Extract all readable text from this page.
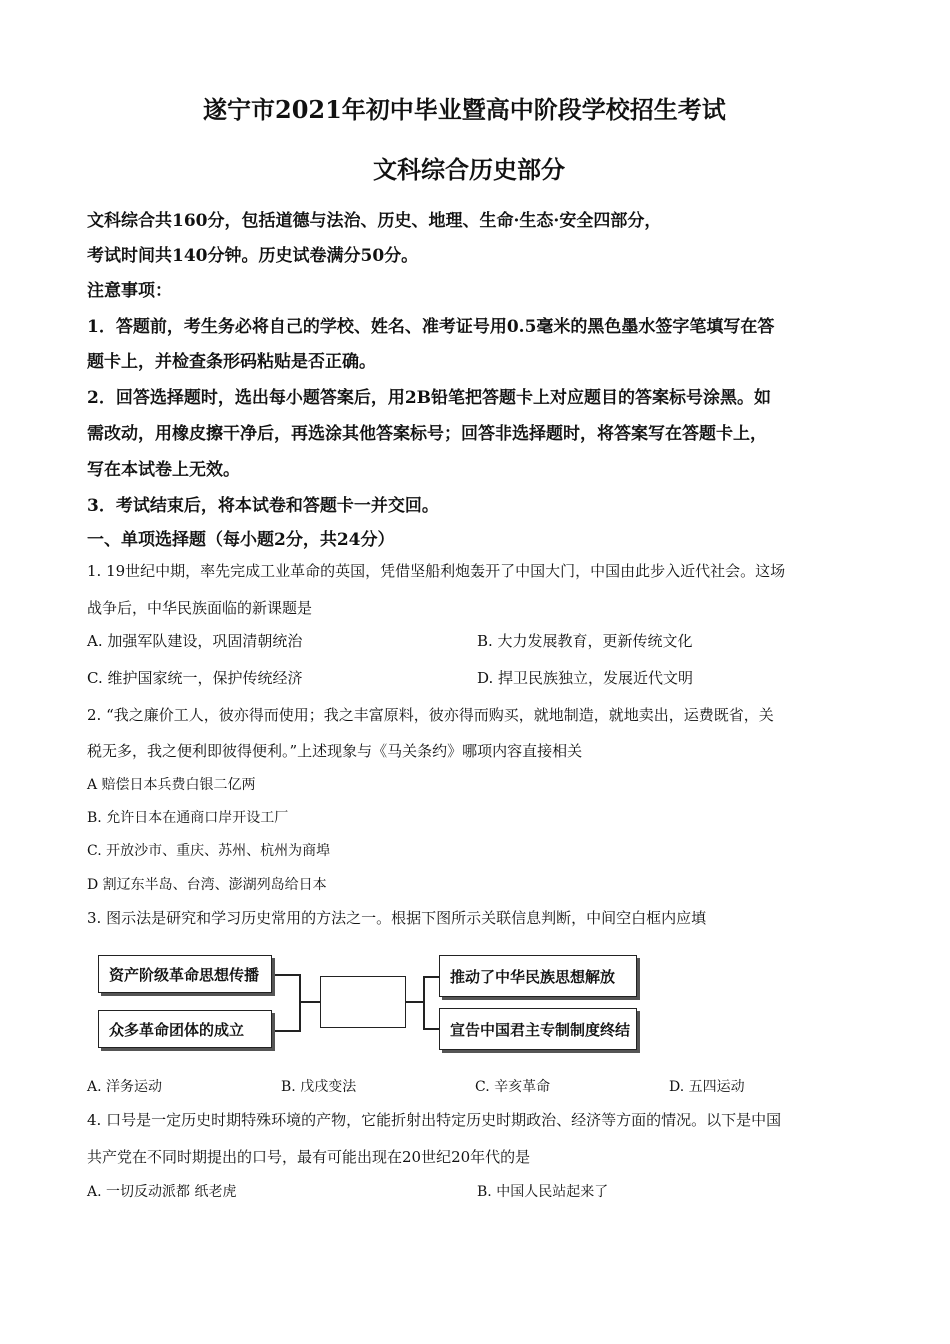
遂宁市2021年初中毕业暨高中阶段学校招生考试
文科综合历史部分
文科综合共160分，包括道德与法治、历史、地理、生命·生态·安全四部分，
考试时间共140分钟。历史试卷满分50分。
注意事项：
1．答题前，考生务必将自己的学校、姓名、准考证号用0.5毫米的黑色墨水签字笔填写在答
题卡上，并检查条形码粘贴是否正确。
2．回答选择题时，选出每小题答案后，用2B铅笔把答题卡上对应题目的答案标号涂黑。如
需改动，用橡皮擦干净后，再选涂其他答案标号；回答非选择题时，将答案写在答题卡上，
写在本试卷上无效。
3．考试结束后，将本试卷和答题卡一并交回。
一、单项选择题（每小题2分，共24分）
1. 19世纪中期，率先完成工业革命的英国，凭借坚船利炮轰开了中国大门，中国由此步入近代社会。这场
战争后，中华民族面临的新课题是
A. 加强军队建设，巩固清朝统治	B. 大力发展教育，更新传统文化
C. 维护国家统一，保护传统经济	D. 捍卫民族独立，发展近代文明
2. “我之廉价工人，彼亦得而使用；我之丰富原料，彼亦得而购买，就地制造，就地卖出，运费既省，关
税无多，我之便利即彼得便利。”上述现象与《马关条约》哪项内容直接相关
A 赔偿日本兵费白银二亿两
B. 允许日本在通商口岸开设工厂
C. 开放沙市、重庆、苏州、杭州为商埠
D 割辽东半岛、台湾、澎湖列岛给日本
3. 图示法是研究和学习历史常用的方法之一。根据下图所示关联信息判断，中间空白框内应填
资产阶级革命思想传播
众多革命团体的成立
推动了中华民族思想解放
宣告中国君主专制制度终结
A. 洋务运动	B. 戊戌变法	C. 辛亥革命	D. 五四运动
4. 口号是一定历史时期特殊环境的产物，它能折射出特定历史时期政治、经济等方面的情况。以下是中国
共产党在不同时期提出的口号，最有可能出现在20世纪20年代的是
A. 一切反动派都 纸老虎	B. 中国人民站起来了
